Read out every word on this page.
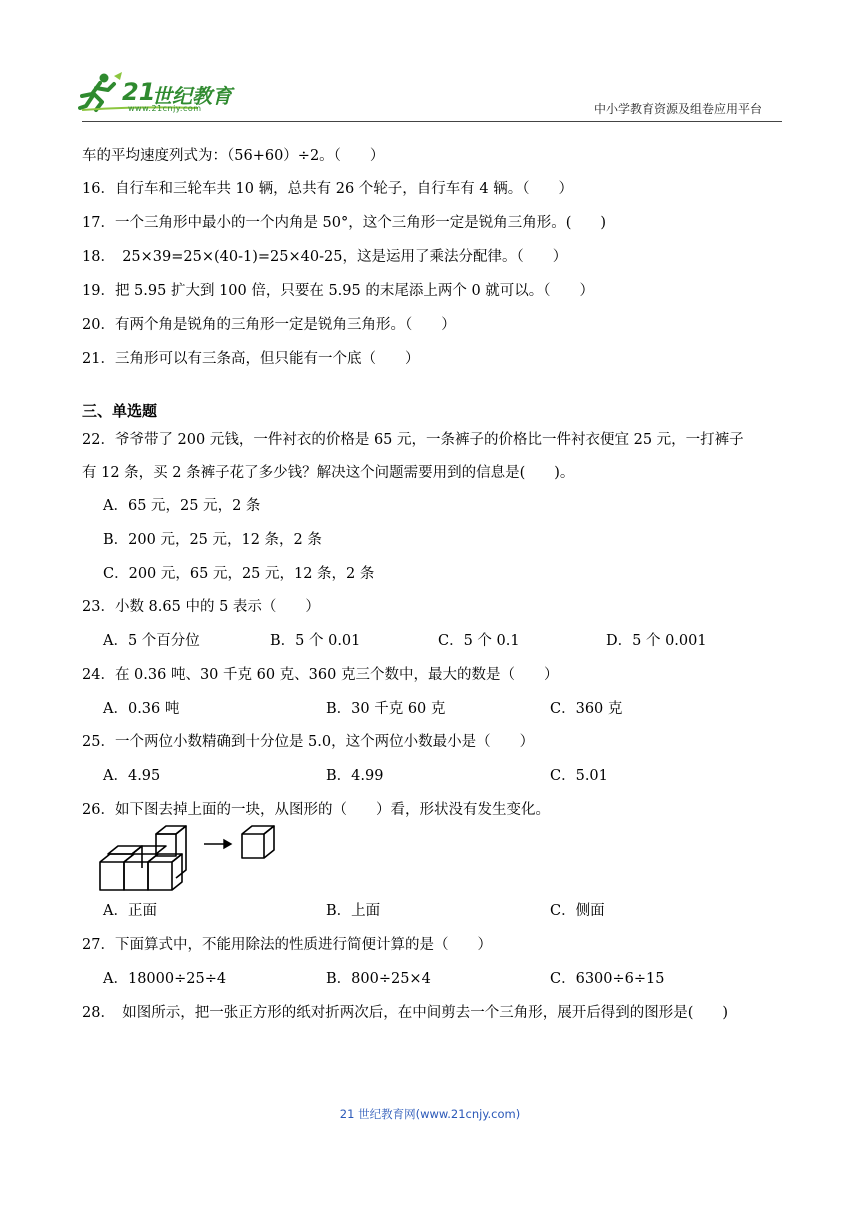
21
世纪教育
www.21cnjy.com	中小学教育资源及组卷应用平台
车的平均速度列式为：（56+60）÷2。（　　）
16．自行车和三轮车共 10 辆，总共有 26 个轮子，自行车有 4 辆。（　　）
17．一个三角形中最小的一个内角是 50°，这个三角形一定是锐角三角形。(　　)
18．　25×39=25×(40-1)=25×40-25，这是运用了乘法分配律。（　　）
19．把 5.95 扩大到 100 倍，只要在 5.95 的末尾添上两个 0 就可以。（　　）
20．有两个角是锐角的三角形一定是锐角三角形。（　　）
21．三角形可以有三条高，但只能有一个底（　　）
三、单选题
22．爷爷带了 200 元钱，一件衬衣的价格是 65 元，一条裤子的价格比一件衬衣便宜 25 元，一打裤子
有 12 条，买 2 条裤子花了多少钱？解决这个问题需要用到的信息是(　　)。
A．65 元，25 元，2 条
B．200 元，25 元，12 条，2 条
C．200 元，65 元，25 元，12 条，2 条
23．小数 8.65 中的 5 表示（　　）
A．5 个百分位	B．5 个 0.01	C．5 个 0.1	D．5 个 0.001
24．在 0.36 吨、30 千克 60 克、360 克三个数中，最大的数是（　　）
A．0.36 吨	B．30 千克 60 克	C．360 克
25．一个两位小数精确到十分位是 5.0，这个两位小数最小是（　　）
A．4.95	B．4.99	C．5.01
26．如下图去掉上面的一块，从图形的（　　）看，形状没有发生变化。
A．正面	B．上面	C．侧面
27．下面算式中，不能用除法的性质进行简便计算的是（　　）
A．18000÷25÷4	B．800÷25×4	C．6300÷6÷15
28．　如图所示，把一张正方形的纸对折两次后，在中间剪去一个三角形，展开后得到的图形是(　　)
21 世纪教育网(www.21cnjy.com)
